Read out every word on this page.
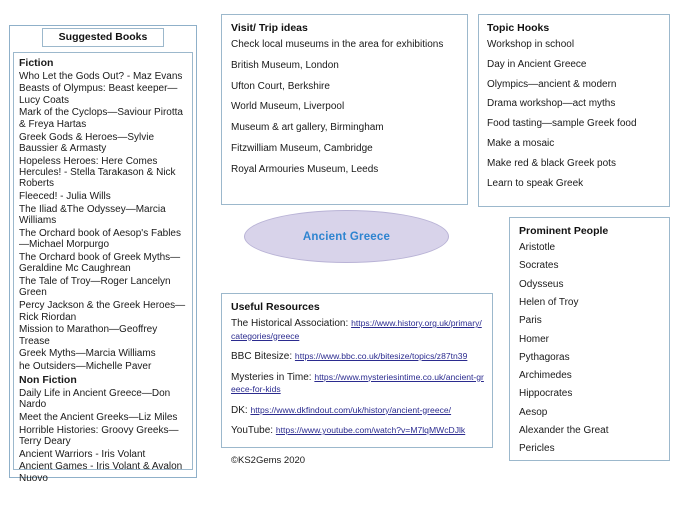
Suggested Books
Fiction
Who Let the Gods Out? - Maz Evans
Beasts of Olympus: Beast keeper—Lucy Coats
Mark of the Cyclops—Saviour Pirotta & Freya Hartas
Greek Gods & Heroes—Sylvie Baussier & Armasty
Hopeless Heroes: Here Comes Hercules! - Stella Tarakason & Nick Roberts
Fleeced! - Julia Wills
The Iliad &The Odyssey—Marcia Williams
The Orchard book of Aesop's Fables—Michael Morpurgo
The Orchard book of Greek Myths—Geraldine Mc Caughrean
The Tale of Troy—Roger Lancelyn Green
Percy Jackson & the Greek Heroes—Rick Riordan
Mission to Marathon—Geoffrey Trease
Greek Myths—Marcia Williams
he Outsiders—Michelle Paver
Non Fiction
Daily Life in Ancient Greece—Don Nardo
Meet the Ancient Greeks—Liz Miles
Horrible Histories: Groovy Greeks—Terry Deary
Ancient Warriors - Iris Volant
Ancient Games - Iris Volant & Avalon Nuovo
Visit/ Trip ideas
Check local museums in the area for exhibitions
British Museum, London
Ufton Court, Berkshire
World Museum, Liverpool
Museum & art gallery, Birmingham
Fitzwilliam Museum, Cambridge
Royal Armouries Museum, Leeds
Ancient Greece
Useful Resources
The Historical Association: https://www.history.org.uk/primary/categories/greece
BBC Bitesize: https://www.bbc.co.uk/bitesize/topics/z87tn39
Mysteries in Time: https://www.mysteriesintime.co.uk/ancient-greece-for-kids
DK: https://www.dkfindout.com/uk/history/ancient-greece/
YouTube: https://www.youtube.com/watch?v=M7lqMWcDJlk
©KS2Gems 2020
Topic Hooks
Workshop in school
Day in Ancient Greece
Olympics—ancient & modern
Drama workshop—act myths
Food tasting—sample Greek food
Make a mosaic
Make red & black Greek pots
Learn to speak Greek
Prominent People
Aristotle
Socrates
Odysseus
Helen of Troy
Paris
Homer
Pythagoras
Archimedes
Hippocrates
Aesop
Alexander the Great
Pericles
